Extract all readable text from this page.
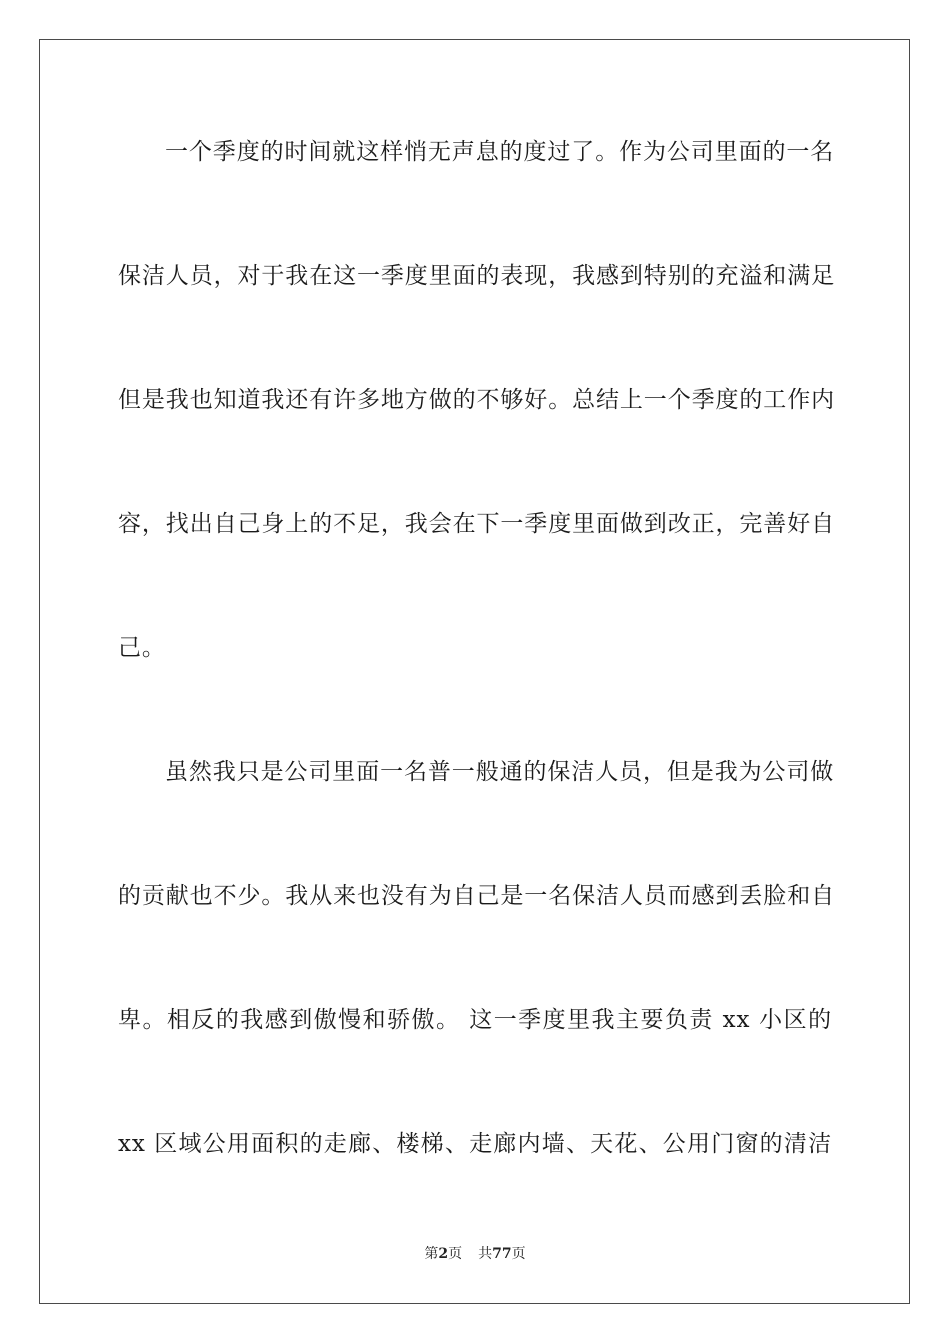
一个季度的时间就这样悄无声息的度过了。作为公司里面的一名
保洁人员，对于我在这一季度里面的表现，我感到特别的充溢和满足
但是我也知道我还有许多地方做的不够好。总结上一个季度的工作内
容，找出自己身上的不足，我会在下一季度里面做到改正，完善好自
己。
虽然我只是公司里面一名普一般通的保洁人员，但是我为公司做
的贡献也不少。我从来也没有为自己是一名保洁人员而感到丢脸和自
卑。相反的我感到傲慢和骄傲。 这一季度里我主要负责 xx 小区的
xx 区域公用面积的走廊、楼梯、走廊内墙、天花、公用门窗的清洁
第2页 共77页
